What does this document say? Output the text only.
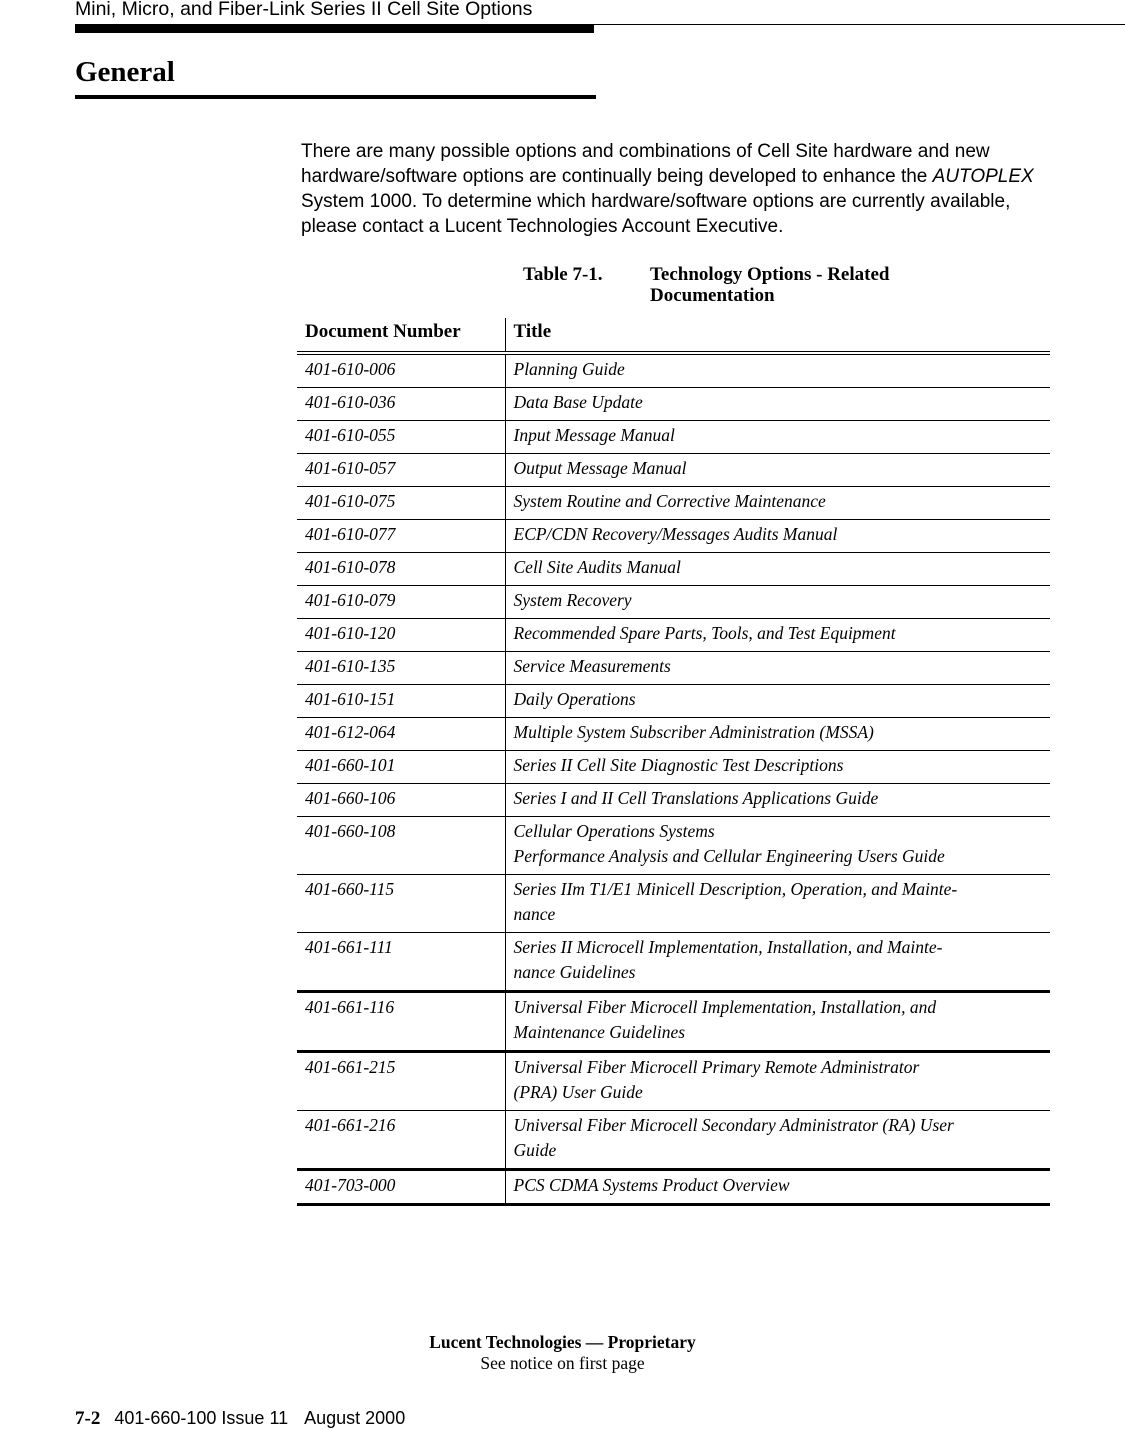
Mini, Micro, and Fiber-Link Series II Cell Site Options
General

There are many possible options and combinations of Cell Site hardware and new hardware/software options are continually being developed to enhance the AUTOPLEX System 1000. To determine which hardware/software options are currently available, please contact a Lucent Technologies Account Executive.

Table 7-1. Technology Options - Related Documentation
Document Number	Title
401-610-006	Planning Guide
401-610-036	Data Base Update
401-610-055	Input Message Manual
401-610-057	Output Message Manual
401-610-075	System Routine and Corrective Maintenance
401-610-077	ECP/CDN Recovery/Messages Audits Manual
401-610-078	Cell Site Audits Manual
401-610-079	System Recovery
401-610-120	Recommended Spare Parts, Tools, and Test Equipment
401-610-135	Service Measurements
401-610-151	Daily Operations
401-612-064	Multiple System Subscriber Administration (MSSA)
401-660-101	Series II Cell Site Diagnostic Test Descriptions
401-660-106	Series I and II Cell Translations Applications Guide
401-660-108	Cellular Operations Systems
Performance Analysis and Cellular Engineering Users Guide
401-660-115	Series IIm T1/E1 Minicell Description, Operation, and Mainte-
nance
401-661-111	Series II Microcell Implementation, Installation, and Mainte-
nance Guidelines
401-661-116	Universal Fiber Microcell Implementation, Installation, and
Maintenance Guidelines
401-661-215	Universal Fiber Microcell Primary Remote Administrator
(PRA) User Guide
401-661-216	Universal Fiber Microcell Secondary Administrator (RA) User
Guide
401-703-000	PCS CDMA Systems Product Overview
Lucent Technologies — Proprietary
See notice on first page
7-2 401-660-100 Issue 11 August 2000
